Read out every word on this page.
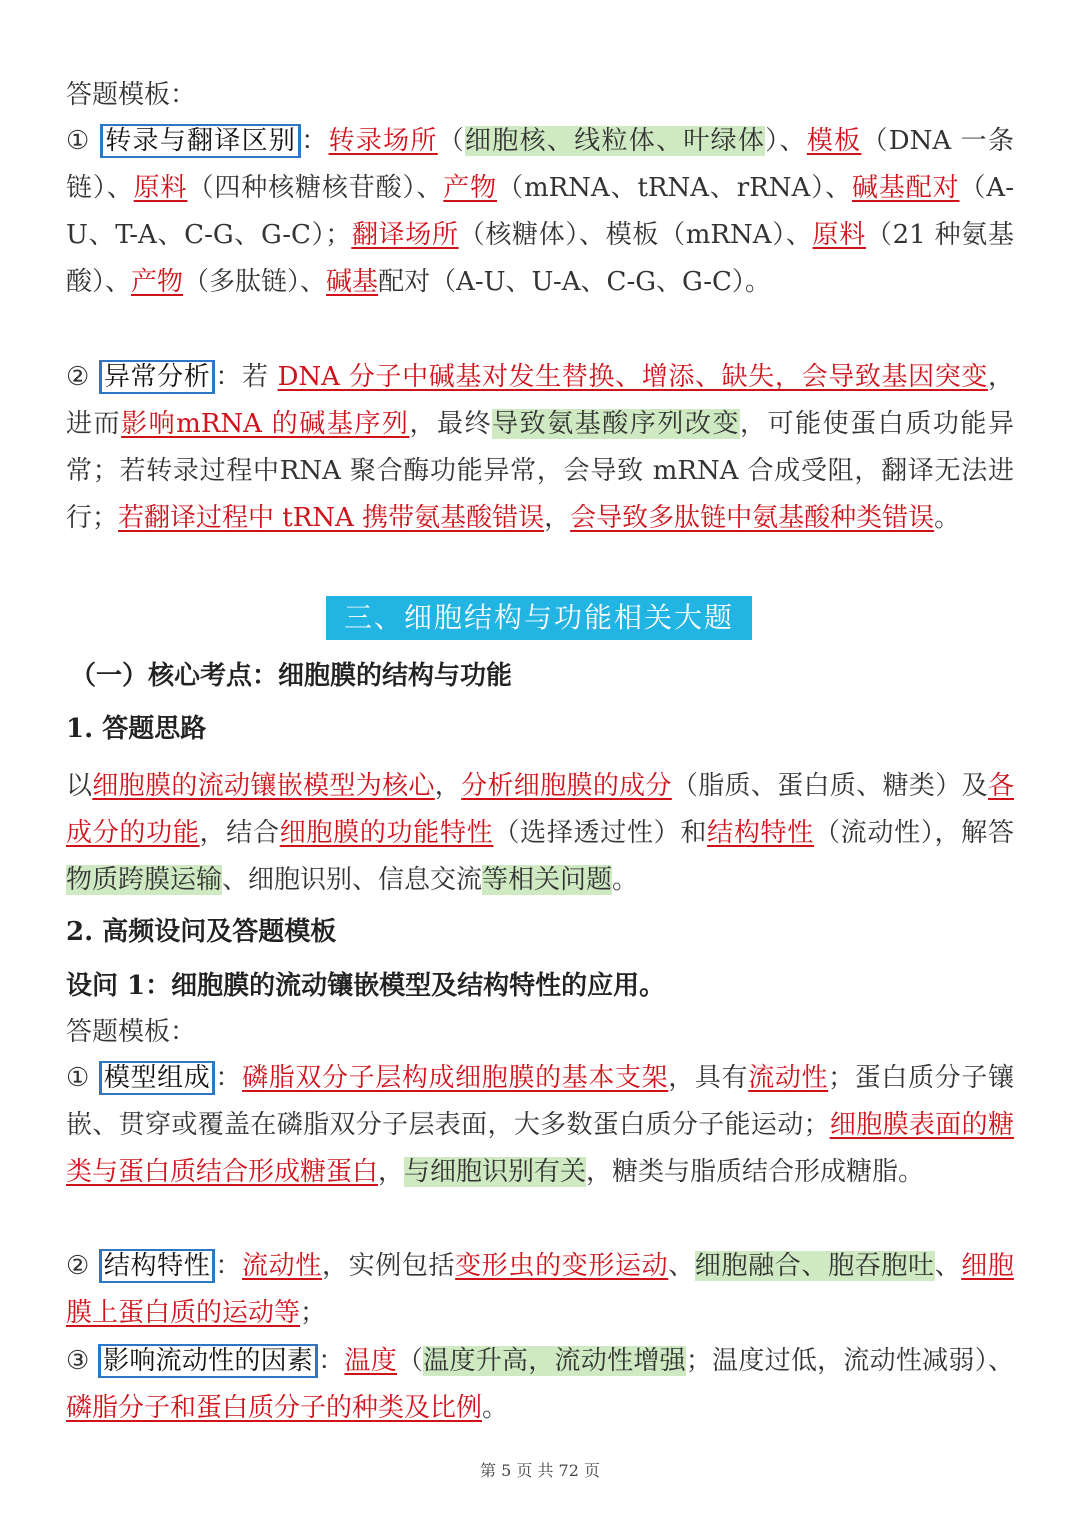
答题模板：

① 转录与翻译区别 ：转录场所（细胞核、线粒体、叶绿体）、模板（DNA 一条链）、原料（四种核糖核苷酸）、产物（mRNA、tRNA、rRNA）、碱基配对（A-U、T-A、C-G、G-C）；翻译场所（核糖体）、模板（mRNA）、原料（21 种氨基酸）、产物（多肽链）、碱基配对（A-U、U-A、C-G、G-C）。

② 异常分析 ：若 DNA 分子中碱基对发生替换、增添、缺失，会导致基因突变，进而影响mRNA 的碱基序列，最终导致氨基酸序列改变，可能使蛋白质功能异常；若转录过程中RNA 聚合酶功能异常，会导致 mRNA 合成受阻，翻译无法进行；若翻译过程中 tRNA 携带氨基酸错误，会导致多肽链中氨基酸种类错误。

三、细胞结构与功能相关大题

（一）核心考点：细胞膜的结构与功能

1. 答题思路

以细胞膜的流动镶嵌模型为核心，分析细胞膜的成分（脂质、蛋白质、糖类）及各成分的功能，结合细胞膜的功能特性（选择透过性）和结构特性（流动性），解答物质跨膜运输、细胞识别、信息交流等相关问题。

2. 高频设问及答题模板

设问 1：细胞膜的流动镶嵌模型及结构特性的应用。

答题模板：

① 模型组成 ：磷脂双分子层构成细胞膜的基本支架，具有流动性；蛋白质分子镶嵌、贯穿或覆盖在磷脂双分子层表面，大多数蛋白质分子能运动；细胞膜表面的糖类与蛋白质结合形成糖蛋白，与细胞识别有关，糖类与脂质结合形成糖脂。

② 结构特性 ：流动性，实例包括变形虫的变形运动、细胞融合、胞吞胞吐、细胞膜上蛋白质的运动等；

③ 影响流动性的因素 ：温度（温度升高，流动性增强；温度过低，流动性减弱）、磷脂分子和蛋白质分子的种类及比例。

第 5 页 共 72 页
